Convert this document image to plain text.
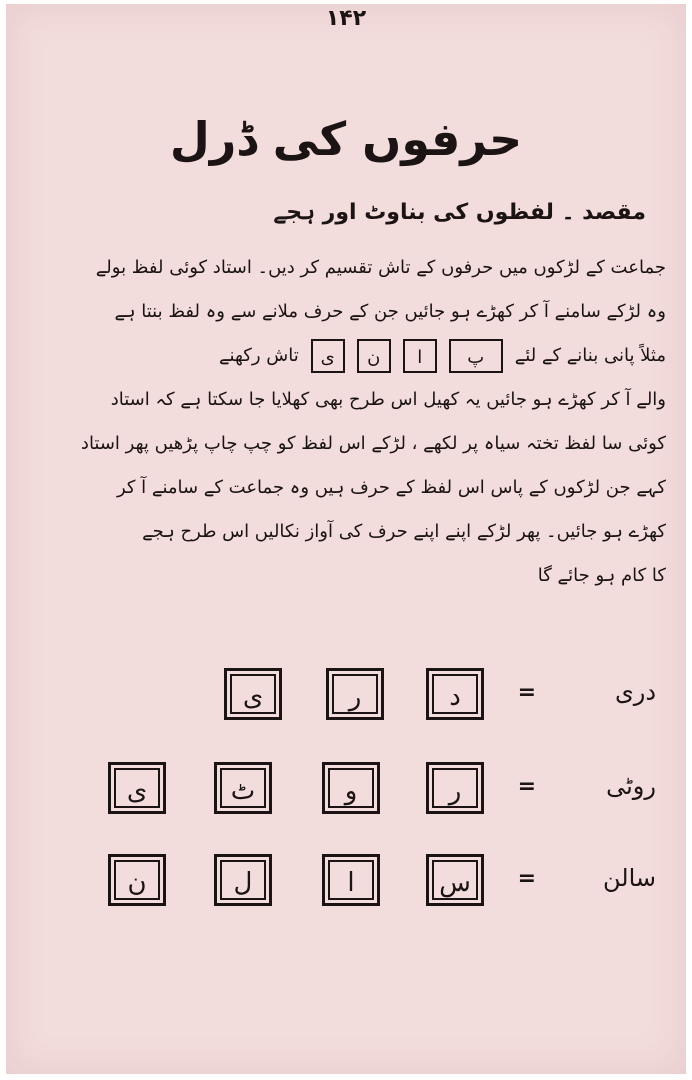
۱۴۲
حرفوں کی ڈرل
مقصد ۔ لفظوں کی بناوٹ اور ہجے
جماعت کے لڑکوں میں حرفوں کے تاش تقسیم کر دیں۔ استاد کوئی لفظ بولے
وہ لڑکے سامنے آ کر کھڑے ہو جائیں جن کے حرف ملانے سے وہ لفظ بنتا ہے
مثلاً پانی بنانے کے لئے
پ
ا
ن
ی
تاش رکھنے
والے آ کر کھڑے ہو جائیں یہ کھیل اس طرح بھی کھلایا جا سکتا ہے کہ استاد
کوئی سا لفظ تختہ سیاہ پر لکھے ، لڑکے اس لفظ کو چپ چاپ پڑھیں پھر استاد
کہے جن لڑکوں کے پاس اس لفظ کے حرف ہیں وہ جماعت کے سامنے آ کر
کھڑے ہو جائیں۔ پھر لڑکے اپنے اپنے حرف کی آواز نکالیں اس طرح ہجے
کا کام ہو جائے گا
دری
=
د
ر
ی
روٹی
=
ر
و
ٹ
ی
سالن
=
س
ا
ل
ن
